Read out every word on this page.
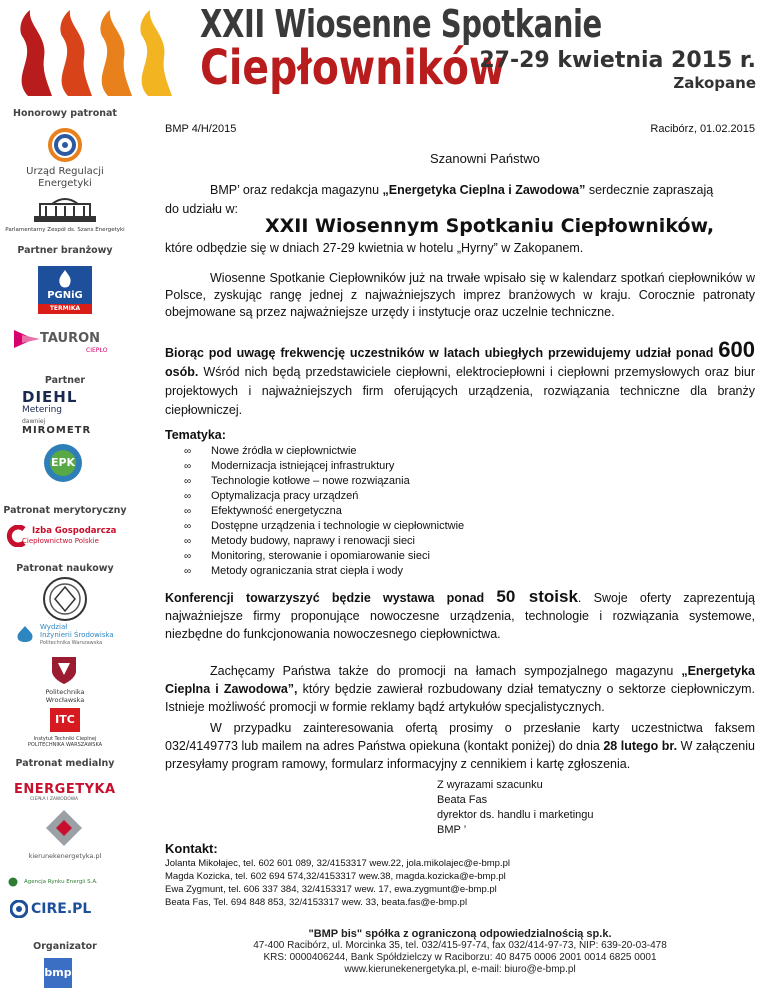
XXII Wiosenne Spotkanie
Ciepłowników
27-29 kwietnia 2015 r.
Zakopane
Honorowy patronat
Urząd Regulacji
Energetyki
Parlamentarny Zespół ds. Szans Energetyki
Partner branżowy
PGNiG
TERMIKA
TAURON
CIEPŁO
Partner
DIEHL
Metering
dawniej
MIROMETR
EPK
Patronat merytoryczny
Izba Gospodarcza
Ciepłownictwo Polskie
Patronat naukowy
Wydział
Inżynierii Środowiska
Politechnika Warszawska
Politechnika
Wrocławska
ITC
Instytut Techniki Cieplnej
POLITECHNIKA WARSZAWSKA
Patronat medialny
ENERGETYKA
CIEPŁA I ZAWODOWA
kierunekenergetyka.pl
Agencja Rynku Energii S.A.
CIRE.PL
Organizator
bmp
BMP 4/H/2015	Racibórz, 01.02.2015
Szanowni Państwo
BMP’ oraz redakcja magazynu „Energetyka Cieplna i Zawodowa” serdecznie zapraszają
do udziału w:
XXII Wiosennym Spotkaniu Ciepłowników,
które odbędzie się w dniach 27-29 kwietnia w hotelu „Hyrny” w Zakopanem.
Wiosenne Spotkanie Ciepłowników już na trwałe wpisało się w kalendarz spotkań ciepłowników w Polsce, zyskując rangę jednej z najważniejszych imprez branżowych w kraju. Corocznie patronaty obejmowane są przez najważniejsze urzędy i instytucje oraz uczelnie techniczne.
Biorąc pod uwagę frekwencję uczestników w latach ubiegłych przewidujemy udział ponad 600 osób. Wśród nich będą przedstawiciele ciepłowni, elektrociepłowni i ciepłowni przemysłowych oraz biur projektowych i najważniejszych firm oferujących urządzenia, rozwiązania techniczne dla branży ciepłowniczej.
Tematyka:
∞ Nowe źródła w ciepłownictwie
∞ Modernizacja istniejącej infrastruktury
∞ Technologie kotłowe – nowe rozwiązania
∞ Optymalizacja pracy urządzeń
∞ Efektywność energetyczna
∞ Dostępne urządzenia i technologie w ciepłownictwie
∞ Metody budowy, naprawy i renowacji sieci
∞ Monitoring, sterowanie i opomiarowanie sieci
∞ Metody ograniczania strat ciepła i wody
Konferencji towarzyszyć będzie wystawa ponad 50 stoisk. Swoje oferty zaprezentują najważniejsze firmy proponujące nowoczesne urządzenia, technologie i rozwiązania systemowe, niezbędne do funkcjonowania nowoczesnego ciepłownictwa.
Zachęcamy Państwa także do promocji na łamach sympozjalnego magazynu „Energetyka Cieplna i Zawodowa”, który będzie zawierał rozbudowany dział tematyczny o sektorze ciepłowniczym. Istnieje możliwość promocji w formie reklamy bądź artykułów specjalistycznych.
W przypadku zainteresowania ofertą prosimy o przesłanie karty uczestnictwa faksem 032/4149773 lub mailem na adres Państwa opiekuna (kontakt poniżej) do dnia 28 lutego br. W załączeniu przesyłamy program ramowy, formularz informacyjny z cennikiem i kartę zgłoszenia.
Z wyrazami szacunku
Beata Fas
dyrektor ds. handlu i marketingu
BMP ’
Kontakt:
Jolanta Mikołajec, tel. 602 601 089, 32/4153317 wew.22, jola.mikolajec@e-bmp.pl
Magda Kozicka, tel. 602 694 574,32/4153317 wew.38, magda.kozicka@e-bmp.pl
Ewa Zygmunt, tel. 606 337 384, 32/4153317 wew. 17, ewa.zygmunt@e-bmp.pl
Beata Fas, Tel. 694 848 853, 32/4153317 wew. 33, beata.fas@e-bmp.pl
"BMP bis" spółka z ograniczoną odpowiedzialnością sp.k.
47-400 Racibórz, ul. Morcinka 35, tel. 032/415-97-74, fax 032/414-97-73, NIP: 639-20-03-478
KRS: 0000406244, Bank Spółdzielczy w Raciborzu: 40 8475 0006 2001 0014 6825 0001
www.kierunekenergetyka.pl, e-mail: biuro@e-bmp.pl
